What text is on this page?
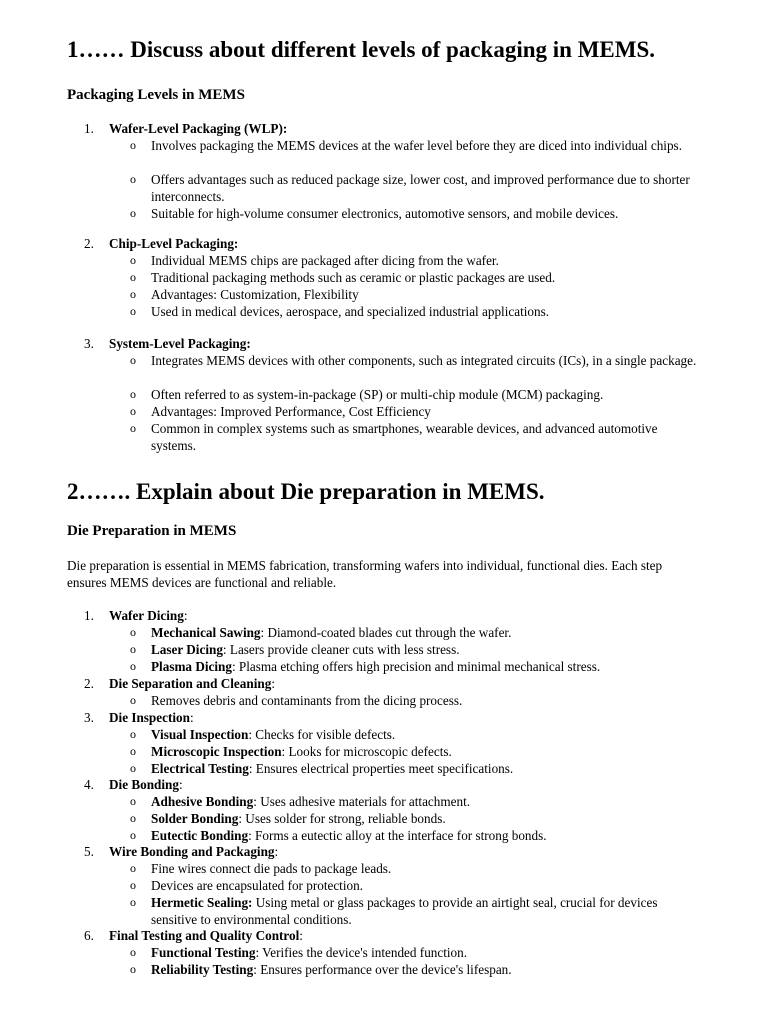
1…… Discuss about different levels of packaging in MEMS.
Packaging Levels in MEMS
1. Wafer-Level Packaging (WLP):
o Involves packaging the MEMS devices at the wafer level before they are diced into individual chips.
o Offers advantages such as reduced package size, lower cost, and improved performance due to shorter interconnects.
o Suitable for high-volume consumer electronics, automotive sensors, and mobile devices.
2. Chip-Level Packaging:
o Individual MEMS chips are packaged after dicing from the wafer.
o Traditional packaging methods such as ceramic or plastic packages are used.
o Advantages: Customization, Flexibility
o Used in medical devices, aerospace, and specialized industrial applications.
3. System-Level Packaging:
o Integrates MEMS devices with other components, such as integrated circuits (ICs), in a single package.
o Often referred to as system-in-package (SP) or multi-chip module (MCM) packaging.
o Advantages: Improved Performance, Cost Efficiency
o Common in complex systems such as smartphones, wearable devices, and advanced automotive systems.
2……. Explain about Die preparation in MEMS.
Die Preparation in MEMS

Die preparation is essential in MEMS fabrication, transforming wafers into individual, functional dies. Each step ensures MEMS devices are functional and reliable.

1. Wafer Dicing:
o Mechanical Sawing: Diamond-coated blades cut through the wafer.
o Laser Dicing: Lasers provide cleaner cuts with less stress.
o Plasma Dicing: Plasma etching offers high precision and minimal mechanical stress.
2. Die Separation and Cleaning:
o Removes debris and contaminants from the dicing process.
3. Die Inspection:
o Visual Inspection: Checks for visible defects.
o Microscopic Inspection: Looks for microscopic defects.
o Electrical Testing: Ensures electrical properties meet specifications.
4. Die Bonding:
o Adhesive Bonding: Uses adhesive materials for attachment.
o Solder Bonding: Uses solder for strong, reliable bonds.
o Eutectic Bonding: Forms a eutectic alloy at the interface for strong bonds.
5. Wire Bonding and Packaging:
o Fine wires connect die pads to package leads.
o Devices are encapsulated for protection.
o Hermetic Sealing: Using metal or glass packages to provide an airtight seal, crucial for devices sensitive to environmental conditions.
6. Final Testing and Quality Control:
o Functional Testing: Verifies the device's intended function.
o Reliability Testing: Ensures performance over the device's lifespan.
